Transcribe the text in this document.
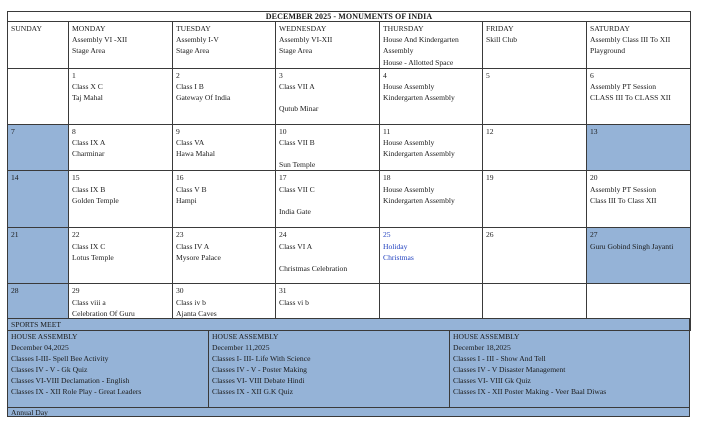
DECEMBER 2025 - MONUMENTS OF INDIA						

SUNDAY	MONDAY
Assembly VI -XII
Stage Area	TUESDAY
Assembly I-V
Stage Area	WEDNESDAY
Assembly VI-XII
Stage Area	THURSDAY
House And Kindergarten
Assembly
House - Allotted Space	FRIDAY
Skill Club	SATURDAY
Assembly Class III To XII
Playground

	1
Class X C
Taj Mahal	2
Class I B
Gateway Of India	3
Class VII A
Qutub Minar	4
House Assembly
Kindergarten Assembly	5	6
Assembly PT Session
CLASS III To CLASS XII

7	8
Class IX A
Charminar	9
Class VA
Hawa Mahal	10
Class VII B
Sun Temple	11
House Assembly
Kindergarten Assembly	12	13

14	15
Class IX B
Golden Temple	16
Class V B
Hampi	17
Class VII C
India Gate	18
House Assembly
Kindergarten Assembly	19	20
Assembly PT Session
Class III To Class XII

21	22
Class IX C
Lotus Temple	23
Class IV A
Mysore Palace	24
Class VI A
Christmas Celebration	25
Holiday
Christmas	26	27
Guru Gobind Singh Jayanti

28	29
Class viii a
Celebration Of Guru	30
Class iv b
Ajanta Caves	31
Class vi b			

SPORTS MEET
HOUSE ASSEMBLY
December 04,2025
Classes I-III- Spell Bee Activity
Classes IV - V - Gk Quiz
Classes VI-VIII Declamation - English
Classes IX - XII Role Play - Great Leaders
HOUSE ASSEMBLY
December 11,2025
Classes I- III- Life With Science
Classes IV - V - Poster Making
Classes VI- VIII Debate Hindi
Classes IX - XII G.K Quiz
HOUSE ASSEMBLY
December 18,2025
Classes I - III - Show And Tell
Classes IV - V Disaster Management
Classes VI- VIII Gk Quiz
Classes IX - XII Poster Making - Veer Baal Diwas
Annual Day
